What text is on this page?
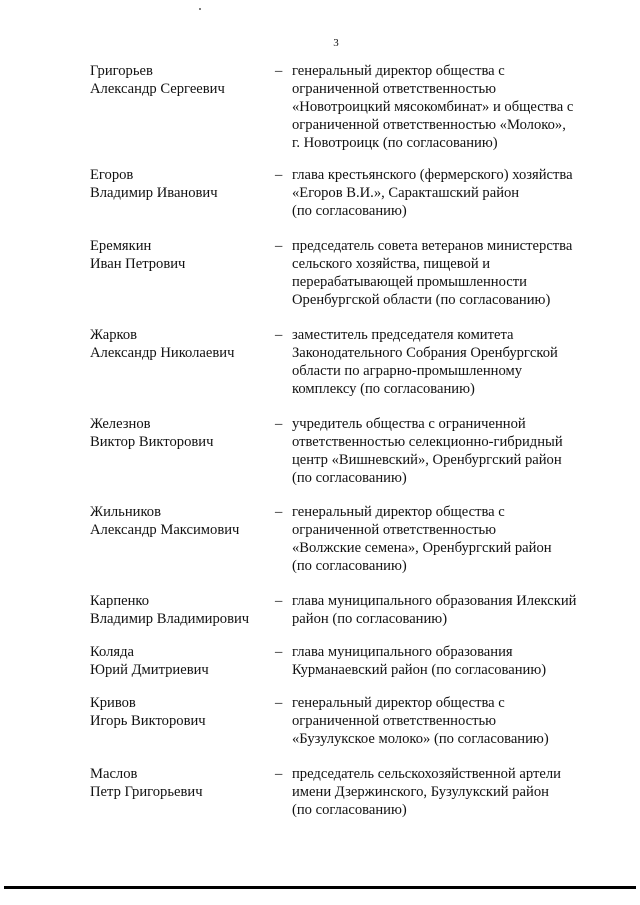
3
Григорьев
Александр Сергеевич
– генеральный директор общества с
ограниченной ответственностью
«Новотроицкий мясокомбинат» и общества с
ограниченной ответственностью «Молоко»,
г. Новотроицк (по согласованию)
Егоров
Владимир Иванович
– глава крестьянского (фермерского) хозяйства
«Егоров В.И.», Саракташский район
(по согласованию)
Еремякин
Иван Петрович
– председатель совета ветеранов министерства
сельского хозяйства, пищевой и
перерабатывающей промышленности
Оренбургской области (по согласованию)
Жарков
Александр Николаевич
– заместитель председателя комитета
Законодательного Собрания Оренбургской
области по аграрно-промышленному
комплексу (по согласованию)
Железнов
Виктор Викторович
– учредитель общества с ограниченной
ответственностью селекционно-гибридный
центр «Вишневский», Оренбургский район
(по согласованию)
Жильников
Александр Максимович
– генеральный директор общества с
ограниченной ответственностью
«Волжские семена», Оренбургский район
(по согласованию)
Карпенко
Владимир Владимирович
– глава муниципального образования Илекский
район (по согласованию)
Коляда
Юрий Дмитриевич
– глава муниципального образования
Курманаевский район (по согласованию)
Кривов
Игорь Викторович
– генеральный директор общества с
ограниченной ответственностью
«Бузулукское молоко» (по согласованию)
Маслов
Петр Григорьевич
– председатель сельскохозяйственной артели
имени Дзержинского, Бузулукский район
(по согласованию)
